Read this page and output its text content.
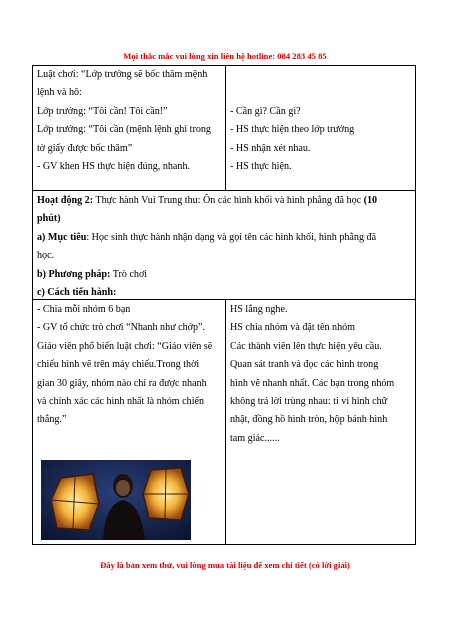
Mọi thắc mắc vui lòng xin liên hệ hotline: 084 283 45 85

Luật chơi: “Lớp trưởng sẽ bốc thăm mệnh

lệnh và hô:

Lớp trưởng: “Tôi cần! Tôi cần!”

Lớp trưởng: “Tôi cần (mệnh lệnh ghi trong

tờ giấy được bốc thăm”

- GV khen HS thực hiện đúng, nhanh.

- Cần gì? Cần gì?

- HS thực hiện theo lớp trưởng

- HS nhận xét nhau.

- HS thực hiện.

Hoạt động 2: Thực hành Vui Trung thu: Ôn các hình khối và hình phẳng đã học (10

phút)

a) Mục tiêu: Học sinh thực hành nhận dạng và gọi tên các hình khối, hình phẳng đã

học.

b) Phương pháp: Trò chơi

c) Cách tiến hành:

- Chia mỗi nhóm 6 bạn

- GV tổ chức trò chơi “Nhanh như chớp”.

Giáo viên phổ biến luật chơi: “Giáo viên sẽ

chiếu hình vẽ trên máy chiếu.Trong thời

gian 30 giây, nhóm nào chỉ ra được nhanh

và chính xác các hình nhất là nhóm chiến

thắng.”

HS lắng nghe.

HS chia nhóm và đặt tên nhóm

Các thành viên lên thực hiện yêu cầu.

Quan sát tranh và đọc các hình trong

hình vẽ nhanh nhất. Các bạn trong nhóm

không trả lời trùng nhau: ti vi hình chữ

nhật, đồng hồ hình tròn, hộp bánh hình

tam giác......

Đây là bản xem thử, vui lòng mua tài liệu để xem chi tiết (có lời giải)
